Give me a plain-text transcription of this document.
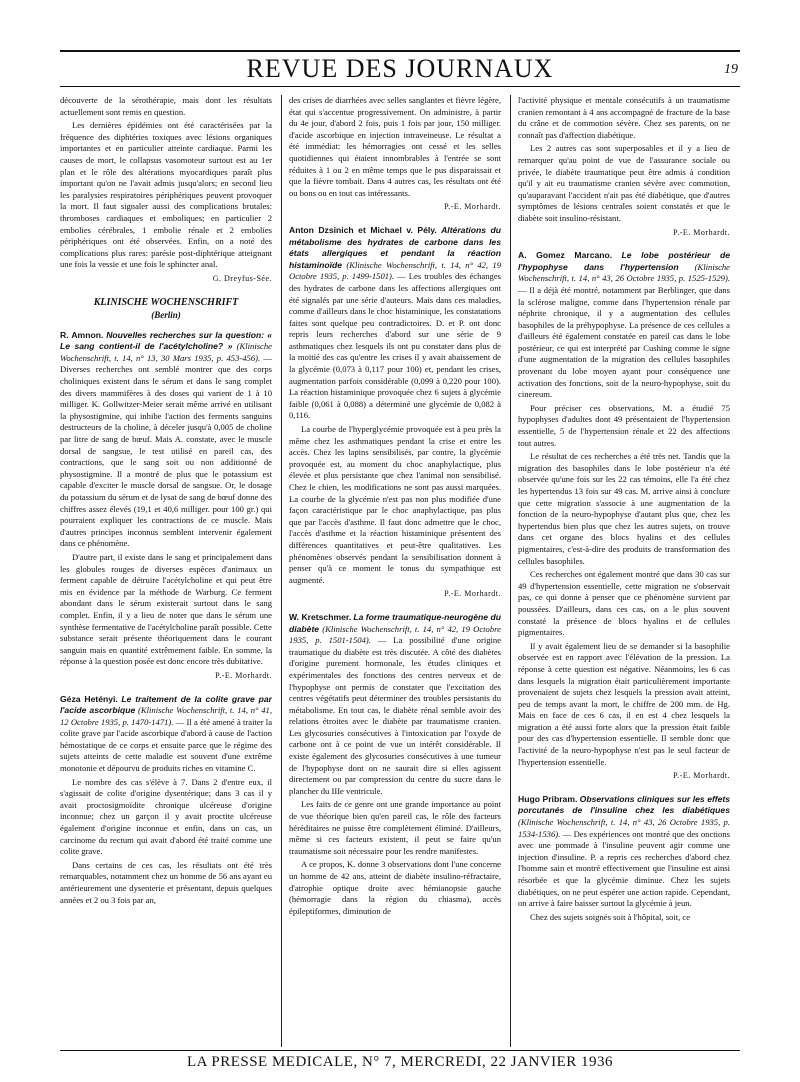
REVUE DES JOURNAUX	19

découverte de la sérothérapie, mais dont les résultats actuellement sont remis en question.

Les dernières épidémies ont été caractérisées par la fréquence des diphtéries toxiques avec lésions organiques importantes et en particulier atteinte cardiaque. Parmi les causes de mort, le collapsus vasomoteur surtout est au 1er plan et le rôle des altérations myocardiques paraît plus important qu'on ne l'avait admis jusqu'alors; en second lieu les paralysies respiratoires périphériques peuvent provoquer la mort. Il faut signaler aussi des complications brutales: thromboses cardiaques et emboliques; en particulier 2 embolies cérébrales, 1 embolie rénale et 2 embolies périphériques ont été observées. Enfin, on a noté des complications plus rares: parésie post-diphtérique atteignant une fois la vessie et une fois le sphincter anal.

G. Dreyfus-Sée.
KLINISCHE WOCHENSCHRIFT
(Berlin)

R. Amnon. Nouvelles recherches sur la question: « Le sang contient-il de l'acétylcholine? » (Klinische Wochenschrift, t. 14, n° 13, 30 Mars 1935, p. 453-456). — Diverses recherches ont semblé montrer que des corps choliniques existent dans le sérum et dans le sang complet des divers mammifères à des doses qui varient de 1 à 10 milliger. K. Gollwitzer-Meier serait même arrivé en utilisant la physostigmine, qui inhibe l'action des ferments sanguins destructeurs de la choline, à déceler jusqu'à 0,005 de choline par litre de sang de bœuf. Mais A. constate, avec le muscle dorsal de sangsue, le test utilisé en pareil cas, des contractions, que le sang soit ou non additionné de physostigmine. Il a montré de plus que le potassium est capable d'exciter le muscle dorsal de sangsue. Or, le dosage du potassium du sérum et de lysat de sang de bœuf donne des chiffres assez élevés (19,1 et 40,6 milliger. pour 100 gr.) qui pourraient expliquer les contractions de ce muscle. Mais d'autres principes inconnus semblent intervenir également dans ce phénomène.

D'autre part, il existe dans le sang et principalement dans les globules rouges de diverses espèces d'animaux un ferment capable de détruire l'acétylcholine et qui peut être mis en évidence par la méthode de Warburg. Ce ferment abondant dans le sérum existerait surtout dans le sang complet. Enfin, il y a lieu de noter que dans le sérum une synthèse fermentative de l'acétylcholine paraît possible. Cette substance serait présente théoriquement dans le courant sanguin mais en quantité extrêmement faible. En somme, la réponse à la question posée est donc encore très dubitative.

P.-E. Morhardt.

Géza Hetényi. Le traitement de la colite grave par l'acide ascorbique (Klinische Wochenschrift, t. 14, n° 41, 12 Octobre 1935, p. 1470-1471). — Il a été amené à traiter la colite grave par l'acide ascorbique d'abord à cause de l'action hémostatique de ce corps et ensuite parce que le régime des sujets atteints de cette maladie est souvent d'une extrême monotonie et dépourvu de produits riches en vitamine C.

Le nombre des cas s'élève à 7. Dans 2 d'entre eux, il s'agissait de colite d'origine dysentérique; dans 3 cas il y avait proctosigmoïdite chronique ulcéreuse d'origine inconnue; chez un garçon il y avait proctite ulcéreuse également d'origine inconnue et enfin, dans un cas, un carcinome du rectum qui avait d'abord été traité comme une colite grave.

Dans certains de ces cas, les résultats ont été très remarquables, notamment chez un homme de 56 ans ayant eu antérieurement une dysenterie et présentant, depuis quelques années et 2 ou 3 fois par an,

des crises de diarrhées avec selles sanglantes et fièvre légère, état qui s'accentue progressivement. On administre, à partir du 4e jour, d'abord 2 fois, puis 1 fois par jour, 150 milliger. d'acide ascorbique en injection intraveineuse. Le résultat a été immédiat: les hémorragies ont cessé et les selles quotidiennes qui étaient innombrables à l'entrée se sont réduites à 1 ou 2 en même temps que le pus disparaissait et que la fièvre tombait. Dans 4 autres cas, les résultats ont été ou bons ou en tout cas intéressants.

P.-E. Morhardt.

Anton Dzsinich et Michael v. Pély. Altérations du métabolisme des hydrates de carbone dans les états allergiques et pendant la réaction histaminoïde (Klinische Wochenschrift, t. 14, n° 42, 19 Octobre 1935, p. 1499-1501). — Les troubles des échanges des hydrates de carbone dans les affections allergiques ont été signalés par une série d'auteurs. Mais dans ces maladies, comme d'ailleurs dans le choc histaminique, les constatations faites sont quelque peu contradictoires. D. et P. ont donc repris leurs recherches d'abord sur une série de 9 asthmatiques chez lesquels ils ont pu constater dans plus de la moitié des cas qu'entre les crises il y avait abaissement de la glycémie (0,073 à 0,117 pour 100) et, pendant les crises, augmentation parfois considérable (0,099 à 0,220 pour 100). La réaction histaminique provoquée chez 6 sujets à glycémie faible (0,061 à 0,088) a déterminé une glycémie de 0,082 à 0,116.

La courbe de l'hyperglycémie provoquée est à peu près la même chez les asthmatiques pendant la crise et entre les accès. Chez les lapins sensibilisés, par contre, la glycémie provoquée est, au moment du choc anaphylactique, plus élevée et plus persistante que chez l'animal non sensibilisé. Chez le chien, les modifications ne sont pas aussi marquées. La courbe de la glycémie n'est pas non plus modifiée d'une façon caractéristique par le choc anaphylactique, pas plus que par l'accès d'asthme. Il faut donc admettre que le choc, l'accès d'asthme et la réaction histaminique présentent des différences quantitatives et peut-être qualitatives. Les phénomènes observés pendant la sensibilisation donnent à penser qu'à ce moment le tonus du sympathique est augmenté.

P.-E. Morhardt.

W. Kretschmer. La forme traumatique-neurogène du diabète (Klinische Wochenschrift, t. 14, n° 42, 19 Octobre 1935, p. 1501-1504). — La possibilité d'une origine traumatique du diabète est très discutée. A côté des diabètes d'origine purement hormonale, les études cliniques et expérimentales des fonctions des centres nerveux et de l'hypophyse ont permis de constater que l'excitation des centres végétatifs peut déterminer des troubles persistants du métabolisme. En tout cas, le diabète rénal semble avoir des relations étroites avec le diabète par traumatisme cranien. Les glycosuries consécutives à l'intoxication par l'oxyde de carbone ont à ce point de vue un intérêt considérable. Il existe également des glycosuries consécutives à une tumeur de l'hypophyse dont on ne saurait dire si elles agissent directement ou par compression du centre du sucre dans le plancher du IIIe ventricule.

Les faits de ce genre ont une grande importance au point de vue théorique bien qu'en pareil cas, le rôle des facteurs héréditaires ne puisse être complètement éliminé. D'ailleurs, même si ces facteurs existent, il peut se faire qu'un traumatisme soit nécessaire pour les rendre manifestes.

A ce propos, K. donne 3 observations dont l'une concerne un homme de 42 ans, atteint de diabète insulino-réfractaire, d'atrophie optique droite avec hémianopsie gauche (hémorragie dans la région du chiasma), accès épileptiformes, diminution de

l'activité physique et mentale consécutifs à un traumatisme cranien remontant à 4 ans accompagné de fracture de la base du crâne et de commotion sévère. Chez ses parents, on ne connaît pas d'affection diabétique.

Les 2 autres cas sont superposables et il y a lieu de remarquer qu'au point de vue de l'assurance sociale ou privée, le diabète traumatique peut être admis à condition qu'il y ait eu traumatisme cranien sévère avec commotion, qu'auparavant l'accident n'ait pas été diabétique, que d'autres symptômes de lésions centrales soient constatés et que le diabète soit insulino-résistant.

P.-E. Morhardt.

A. Gomez Marcano. Le lobe postérieur de l'hypophyse dans l'hypertension (Klinische Wochenschrift, t. 14, n° 43, 26 Octobre 1935, p. 1525-1529). — Il a déjà été montré, notamment par Berblinger, que dans la sclérose maligne, comme dans l'hypertension rénale par néphrite chronique, il y a augmentation des cellules basophiles de la préhypophyse. La présence de ces cellules a d'ailleurs été également constatée en pareil cas dans le lobe postérieur, ce qui est interprété par Cushing comme le signe d'une augmentation de la migration des cellules basophiles provenant du lobe moyen ayant pour conséquence une activation des fonctions, soit de la neuro-hypophyse, soit du cinereum.

Pour préciser ces observations, M. a étudié 75 hypophyses d'adultes dont 49 présentaient de l'hypertension essentielle, 5 de l'hypertension rénale et 22 des affections tout autres.

Le résultat de ces recherches a été très net. Tandis que la migration des basophiles dans le lobe postérieur n'a été observée qu'une fois sur les 22 cas témoins, elle l'a été chez les hypertendus 13 fois sur 49 cas. M. arrive ainsi à conclure que cette migration s'associe à une augmentation de la fonction de la neuro-hypophyse d'autant plus que, chez les hypertendus bien plus que chez les autres sujets, on trouve dans cet organe des blocs hyalins et des cellules pigmentaires, c'est-à-dire des produits de transformation des cellules basophiles.

Ces recherches ont également montré que dans 30 cas sur 49 d'hypertension essentielle, cette migration ne s'observait pas, ce qui donne à penser que ce phénomène survient par poussées. D'ailleurs, dans ces cas, on a le plus souvent constaté la présence de blocs hyalins et de cellules pigmentaires.

Il y avait également lieu de se demander si la basophilie observée est en rapport avec l'élévation de la pression. La réponse à cette question est négative. Néanmoins, les 6 cas dans lesquels la migration était particulièrement importante provenaient de sujets chez lesquels la pression avait atteint, peu de temps avant la mort, le chiffre de 200 mm. de Hg. Mais en face de ces 6 cas, il en est 4 chez lesquels la migration a été aussi forte alors que la pression était faible pour des cas d'hypertension essentielle. Il semble donc que l'activité de la neuro-hypophyse n'est pas le seul facteur de l'hypertension essentielle.

P.-E. Morhardt.

Hugo Pribram. Observations cliniques sur les effets porcutanés de l'insuline chez les diabétiques (Klinische Wochenschrift, t. 14, n° 43, 26 Octobre 1935, p. 1534-1536). — Des expériences ont montré que des onctions avec une pommade à l'insuline peuvent agir comme une injection d'insuline. P. a repris ces recherches d'abord chez l'homme sain et montré effectivement que l'insuline est ainsi résorbée et que la glycémie diminue. Chez les sujets diabétiques, on ne peut espérer une action rapide. Cependant, on arrive à faire baisser surtout la glycémie à jeun.

Chez des sujets soignés soit à l'hôpital, soit, ce

LA PRESSE MEDICALE, N° 7, MERCREDI, 22 JANVIER 1936
